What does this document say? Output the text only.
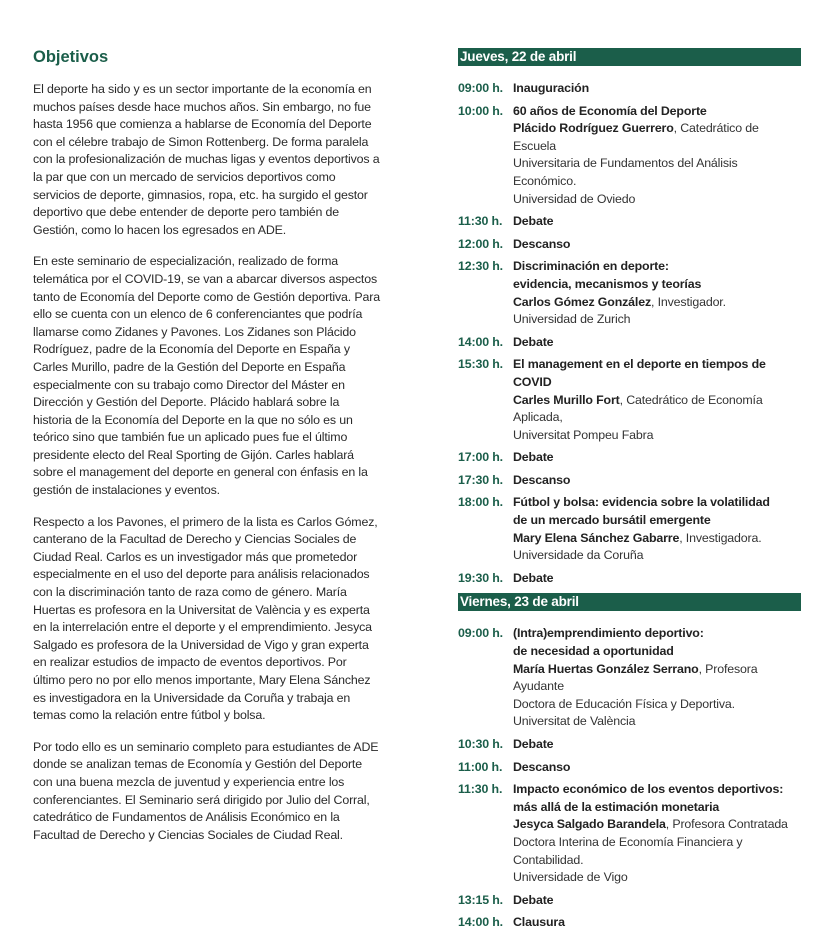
Objetivos

El deporte ha sido y es un sector importante de la economía en muchos países desde hace muchos años. Sin embargo, no fue hasta 1956 que comienza a hablarse de Economía del Deporte con el célebre trabajo de Simon Rottenberg. De forma paralela con la profesionalización de muchas ligas y eventos deportivos a la par que con un mercado de servicios deportivos como servicios de deporte, gimnasios, ropa, etc. ha surgido el gestor deportivo que debe entender de deporte pero también de Gestión, como lo hacen los egresados en ADE.

En este seminario de especialización, realizado de forma telemática por el COVID-19, se van a abarcar diversos aspectos tanto de Economía del Deporte como de Gestión deportiva. Para ello se cuenta con un elenco de 6 conferenciantes que podría llamarse como Zidanes y Pavones. Los Zidanes son Plácido Rodríguez, padre de la Economía del Deporte en España y Carles Murillo, padre de la Gestión del Deporte en España especialmente con su trabajo como Director del Máster en Dirección y Gestión del Deporte. Plácido hablará sobre la historia de la Economía del Deporte en la que no sólo es un teórico sino que también fue un aplicado pues fue el último presidente electo del Real Sporting de Gijón. Carles hablará sobre el management del deporte en general con énfasis en la gestión de instalaciones y eventos.

Respecto a los Pavones, el primero de la lista es Carlos Gómez, canterano de la Facultad de Derecho y Ciencias Sociales de Ciudad Real. Carlos es un investigador más que prometedor especialmente en el uso del deporte para análisis relacionados con la discriminación tanto de raza como de género. María Huertas es profesora en la Universitat de València y es experta en la interrelación entre el deporte y el emprendimiento. Jesyca Salgado es profesora de la Universidad de Vigo y gran experta en realizar estudios de impacto de eventos deportivos. Por último pero no por ello menos importante, Mary Elena Sánchez es investigadora en la Universidade da Coruña y trabaja en temas como la relación entre fútbol y bolsa.

Por todo ello es un seminario completo para estudiantes de ADE donde se analizan temas de Economía y Gestión del Deporte con una buena mezcla de juventud y experiencia entre los conferenciantes. El Seminario será dirigido por Julio del Corral, catedrático de Fundamentos de Análisis Económico en la Facultad de Derecho y Ciencias Sociales de Ciudad Real.

Jueves, 22 de abril
09:00 h. Inauguración
10:00 h. 60 años de Economía del Deporte
Plácido Rodríguez Guerrero, Catedrático de Escuela
Universitaria de Fundamentos del Análisis Económico.
Universidad de Oviedo
11:30 h. Debate
12:00 h. Descanso
12:30 h. Discriminación en deporte:
evidencia, mecanismos y teorías
Carlos Gómez González, Investigador.
Universidad de Zurich
14:00 h. Debate
15:30 h. El management en el deporte en tiempos de COVID
Carles Murillo Fort, Catedrático de Economía Aplicada,
Universitat Pompeu Fabra
17:00 h. Debate
17:30 h. Descanso
18:00 h. Fútbol y bolsa: evidencia sobre la volatilidad
de un mercado bursátil emergente
Mary Elena Sánchez Gabarre, Investigadora.
Universidade da Coruña
19:30 h. Debate
Viernes, 23 de abril
09:00 h. (Intra)emprendimiento deportivo:
de necesidad a oportunidad
María Huertas González Serrano, Profesora Ayudante
Doctora de Educación Física y Deportiva.
Universitat de València
10:30 h. Debate
11:00 h. Descanso
11:30 h. Impacto económico de los eventos deportivos:
más allá de la estimación monetaria
Jesyca Salgado Barandela, Profesora Contratada
Doctora Interina de Economía Financiera y Contabilidad.
Universidade de Vigo
13:15 h. Debate
14:00 h. Clausura
